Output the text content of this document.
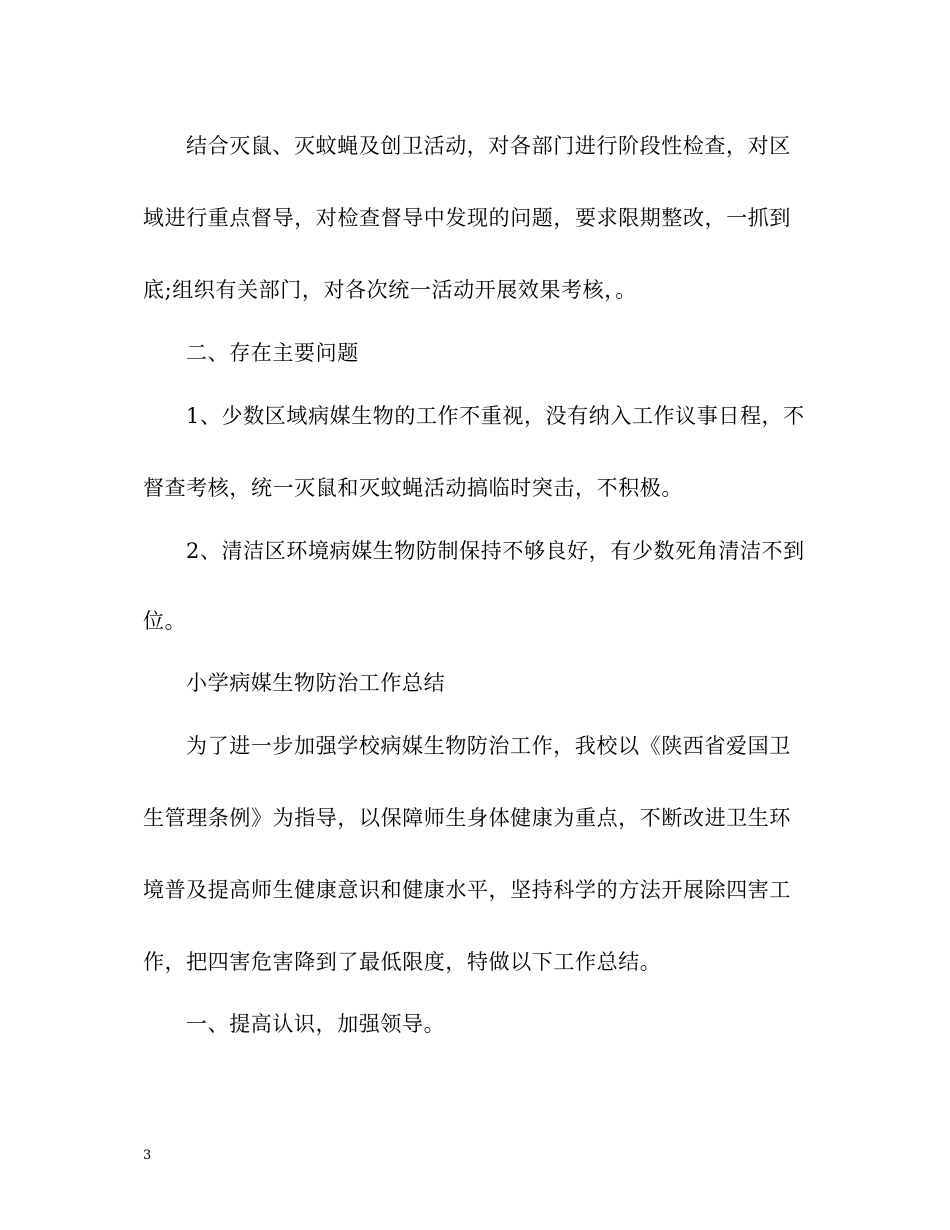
结合灭鼠、灭蚊蝇及创卫活动，对各部门进行阶段性检查，对区
域进行重点督导，对检查督导中发现的问题，要求限期整改，一抓到
底;组织有关部门，对各次统一活动开展效果考核，。
二、存在主要问题
1、少数区域病媒生物的工作不重视，没有纳入工作议事日程，不
督查考核，统一灭鼠和灭蚊蝇活动搞临时突击，不积极。
2、清洁区环境病媒生物防制保持不够良好，有少数死角清洁不到
位。
小学病媒生物防治工作总结
为了进一步加强学校病媒生物防治工作，我校以《陕西省爱国卫
生管理条例》为指导，以保障师生身体健康为重点，不断改进卫生环
境普及提高师生健康意识和健康水平，坚持科学的方法开展除四害工
作，把四害危害降到了最低限度，特做以下工作总结。
一、提高认识，加强领导。
3
